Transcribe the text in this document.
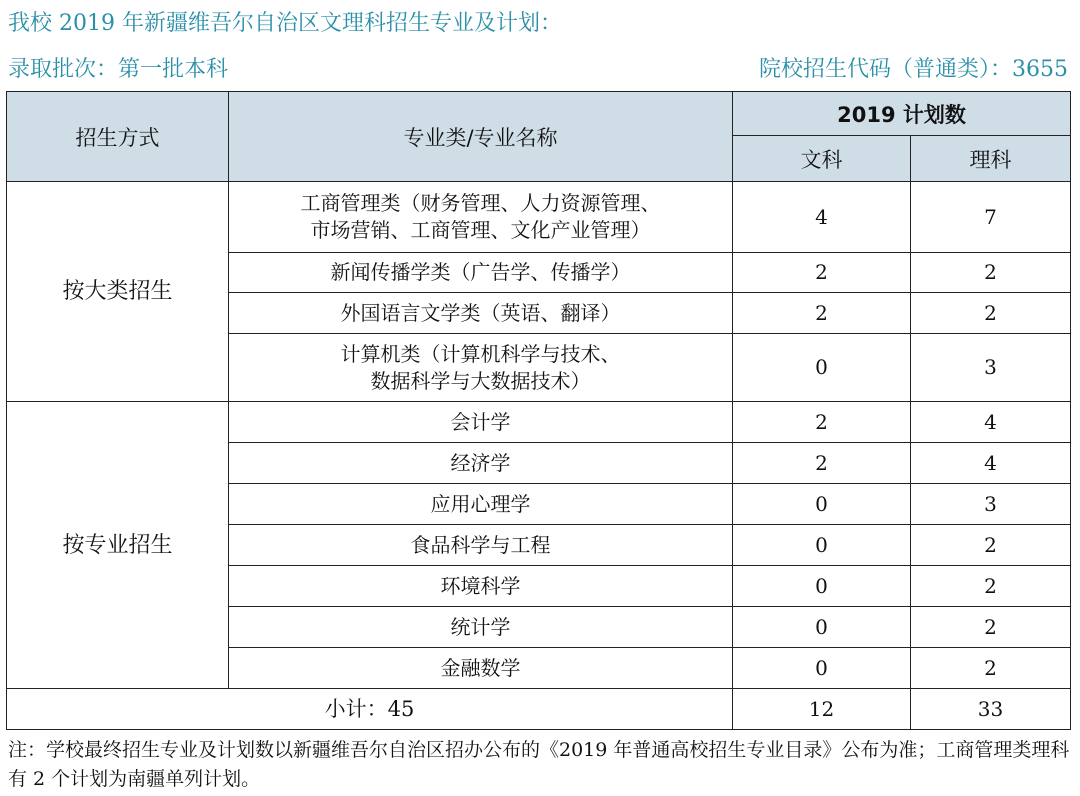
我校 2019 年新疆维吾尔自治区文理科招生专业及计划：
录取批次：第一批本科	院校招生代码（普通类）：3655
招生方式	专业类/专业名称	2019 计划数	
		文科	理科
按大类招生	工商管理类（财务管理、人力资源管理、
市场营销、工商管理、文化产业管理）	4	7
	新闻传播学类（广告学、传播学）	2	2
	外国语言文学类（英语、翻译）	2	2

	计算机类（计算机科学与技术、
数据科学与大数据技术）	0	3
按专业招生	会计学	2	4
	经济学	2	4
	应用心理学	0	3
	食品科学与工程	0	2
	环境科学	0	2
	统计学	0	2
	金融数学	0	2
小计：45		12	33
注：学校最终招生专业及计划数以新疆维吾尔自治区招办公布的《2019 年普通高校招生专业目录》公布为准；工商管理类理科有 2 个计划为南疆单列计划。
